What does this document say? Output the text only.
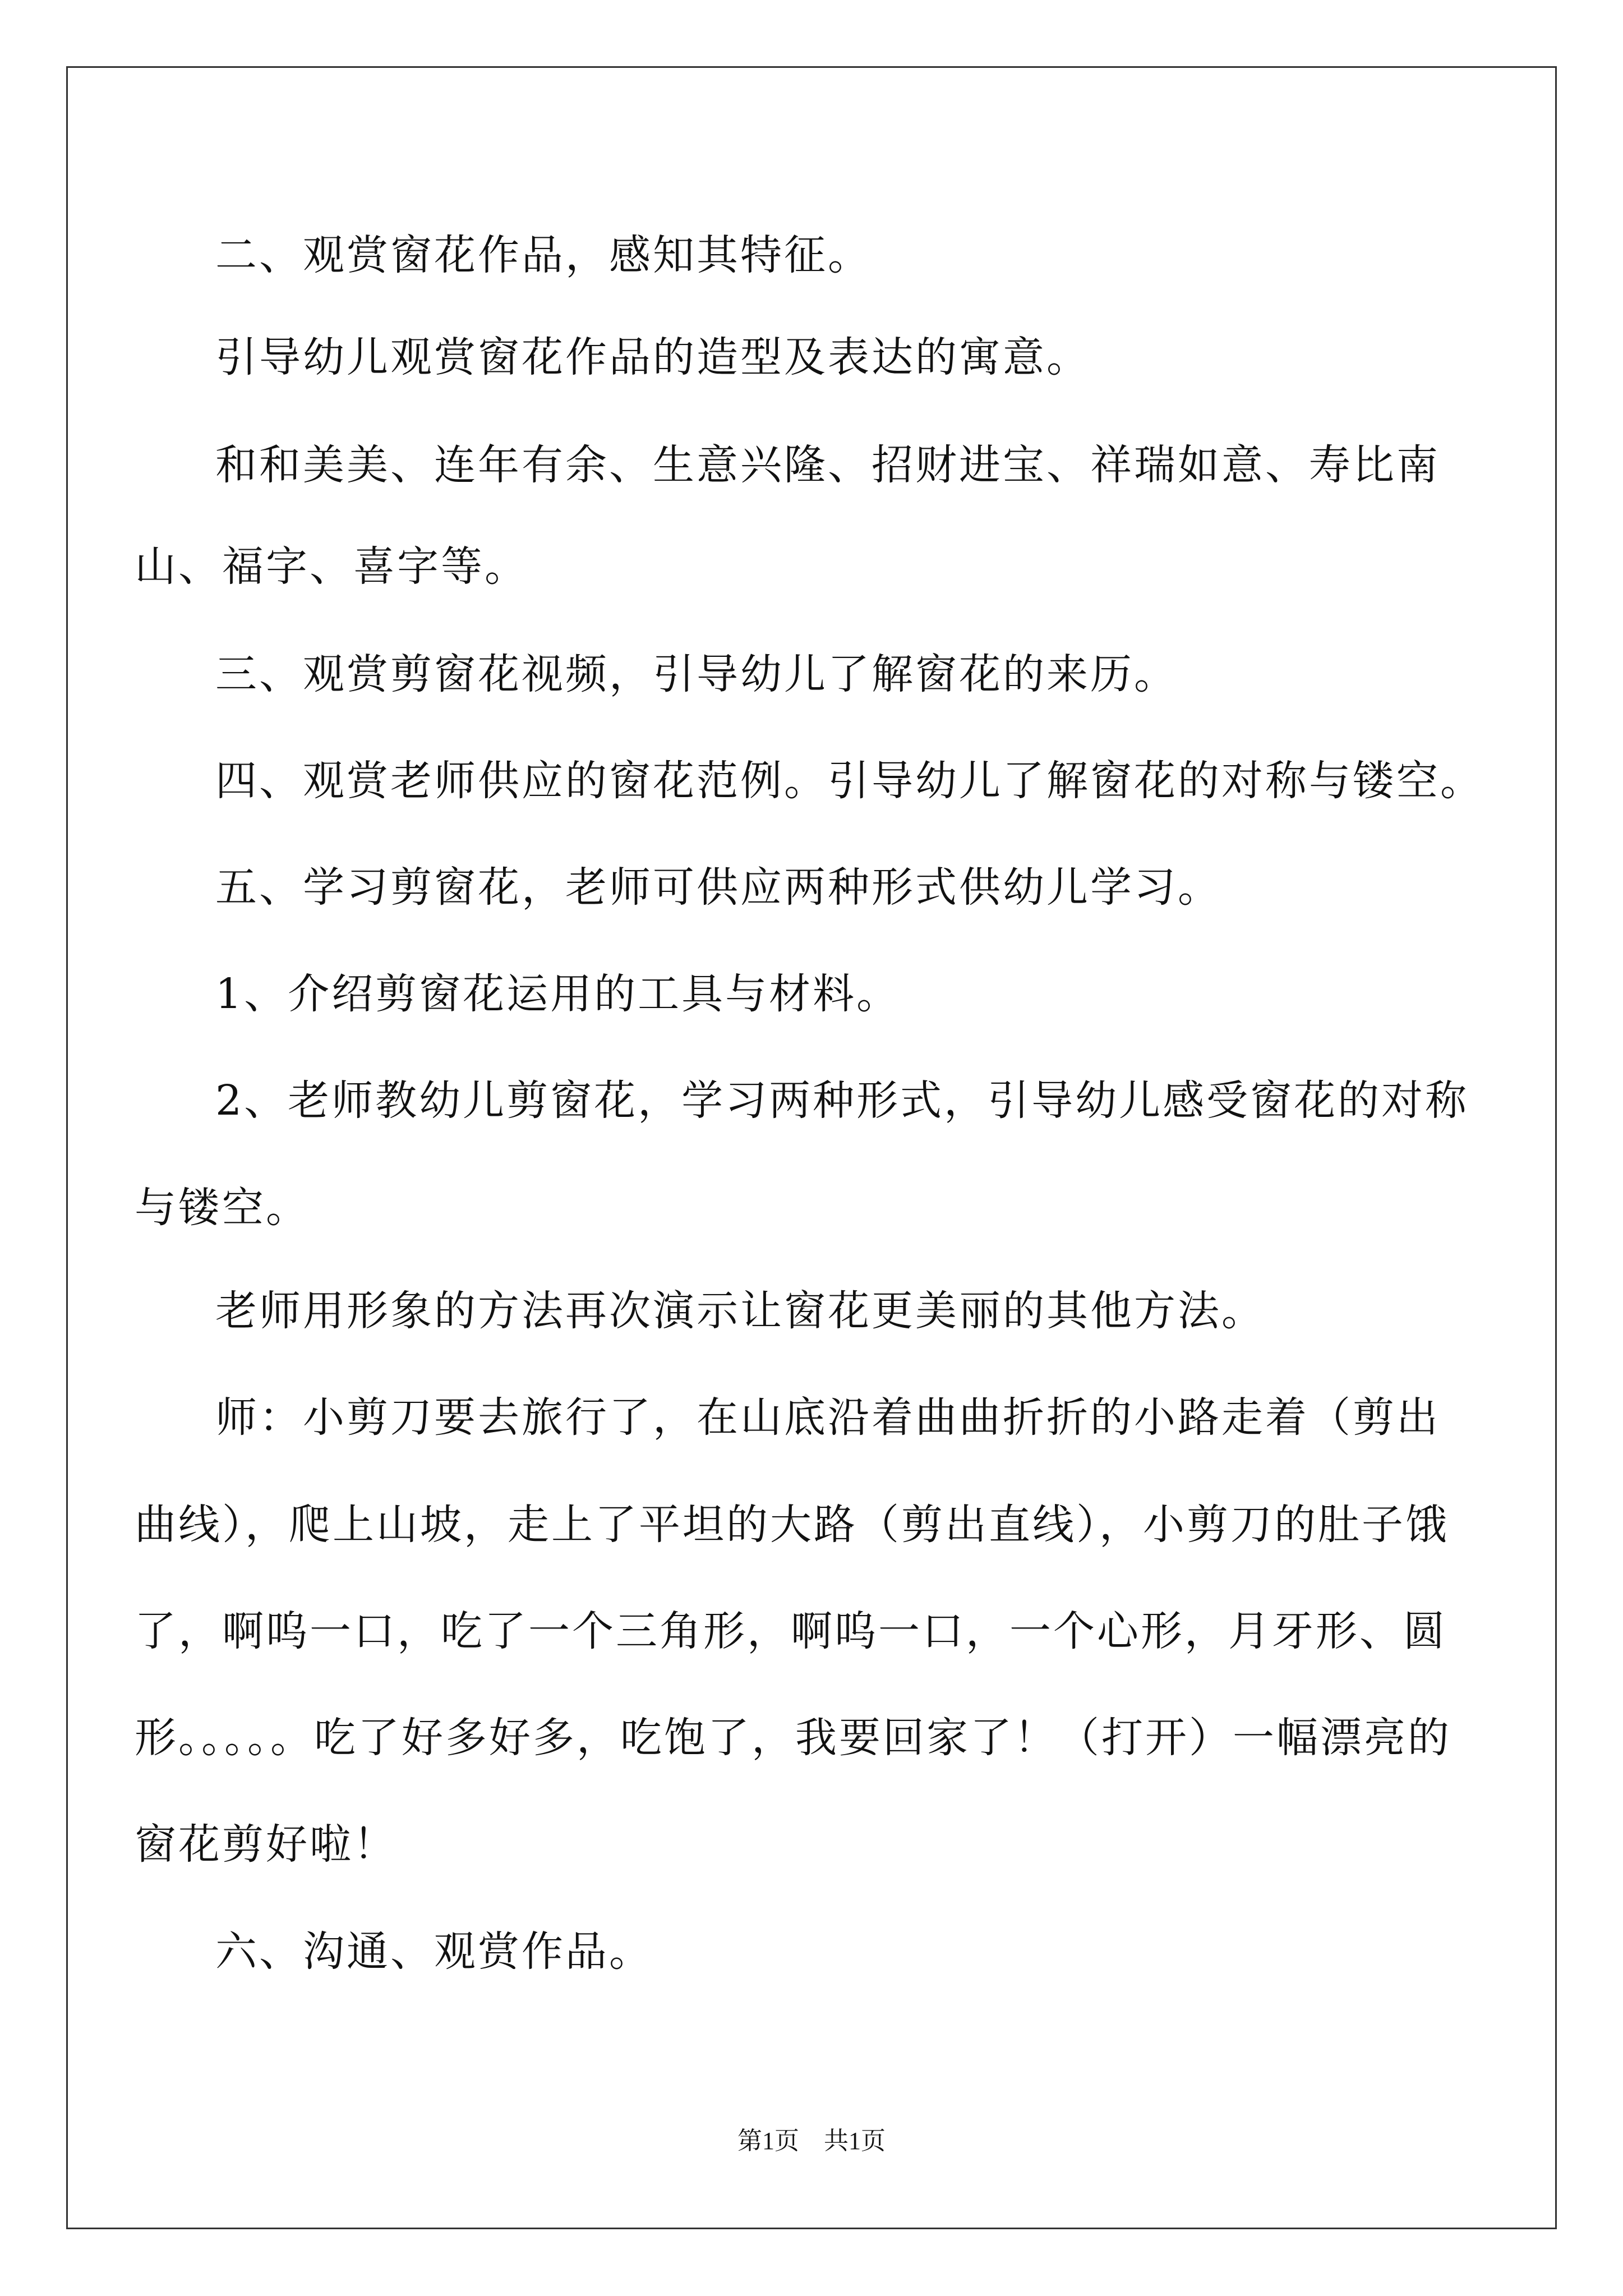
二、观赏窗花作品，感知其特征。
引导幼儿观赏窗花作品的造型及表达的寓意。
和和美美、连年有余、生意兴隆、招财进宝、祥瑞如意、寿比南
山、福字、喜字等。
三、观赏剪窗花视频，引导幼儿了解窗花的来历。
四、观赏老师供应的窗花范例。引导幼儿了解窗花的对称与镂空。
五、学习剪窗花，老师可供应两种形式供幼儿学习。
1、介绍剪窗花运用的工具与材料。
2、老师教幼儿剪窗花，学习两种形式，引导幼儿感受窗花的对称
与镂空。
老师用形象的方法再次演示让窗花更美丽的其他方法。
师：小剪刀要去旅行了，在山底沿着曲曲折折的小路走着（剪出
曲线），爬上山坡，走上了平坦的大路（剪出直线），小剪刀的肚子饿
了，啊呜一口，吃了一个三角形，啊呜一口，一个心形，月牙形、圆
形。。。。。吃了好多好多，吃饱了，我要回家了！（打开）一幅漂亮的
窗花剪好啦！
六、沟通、观赏作品。
第1页　共1页
